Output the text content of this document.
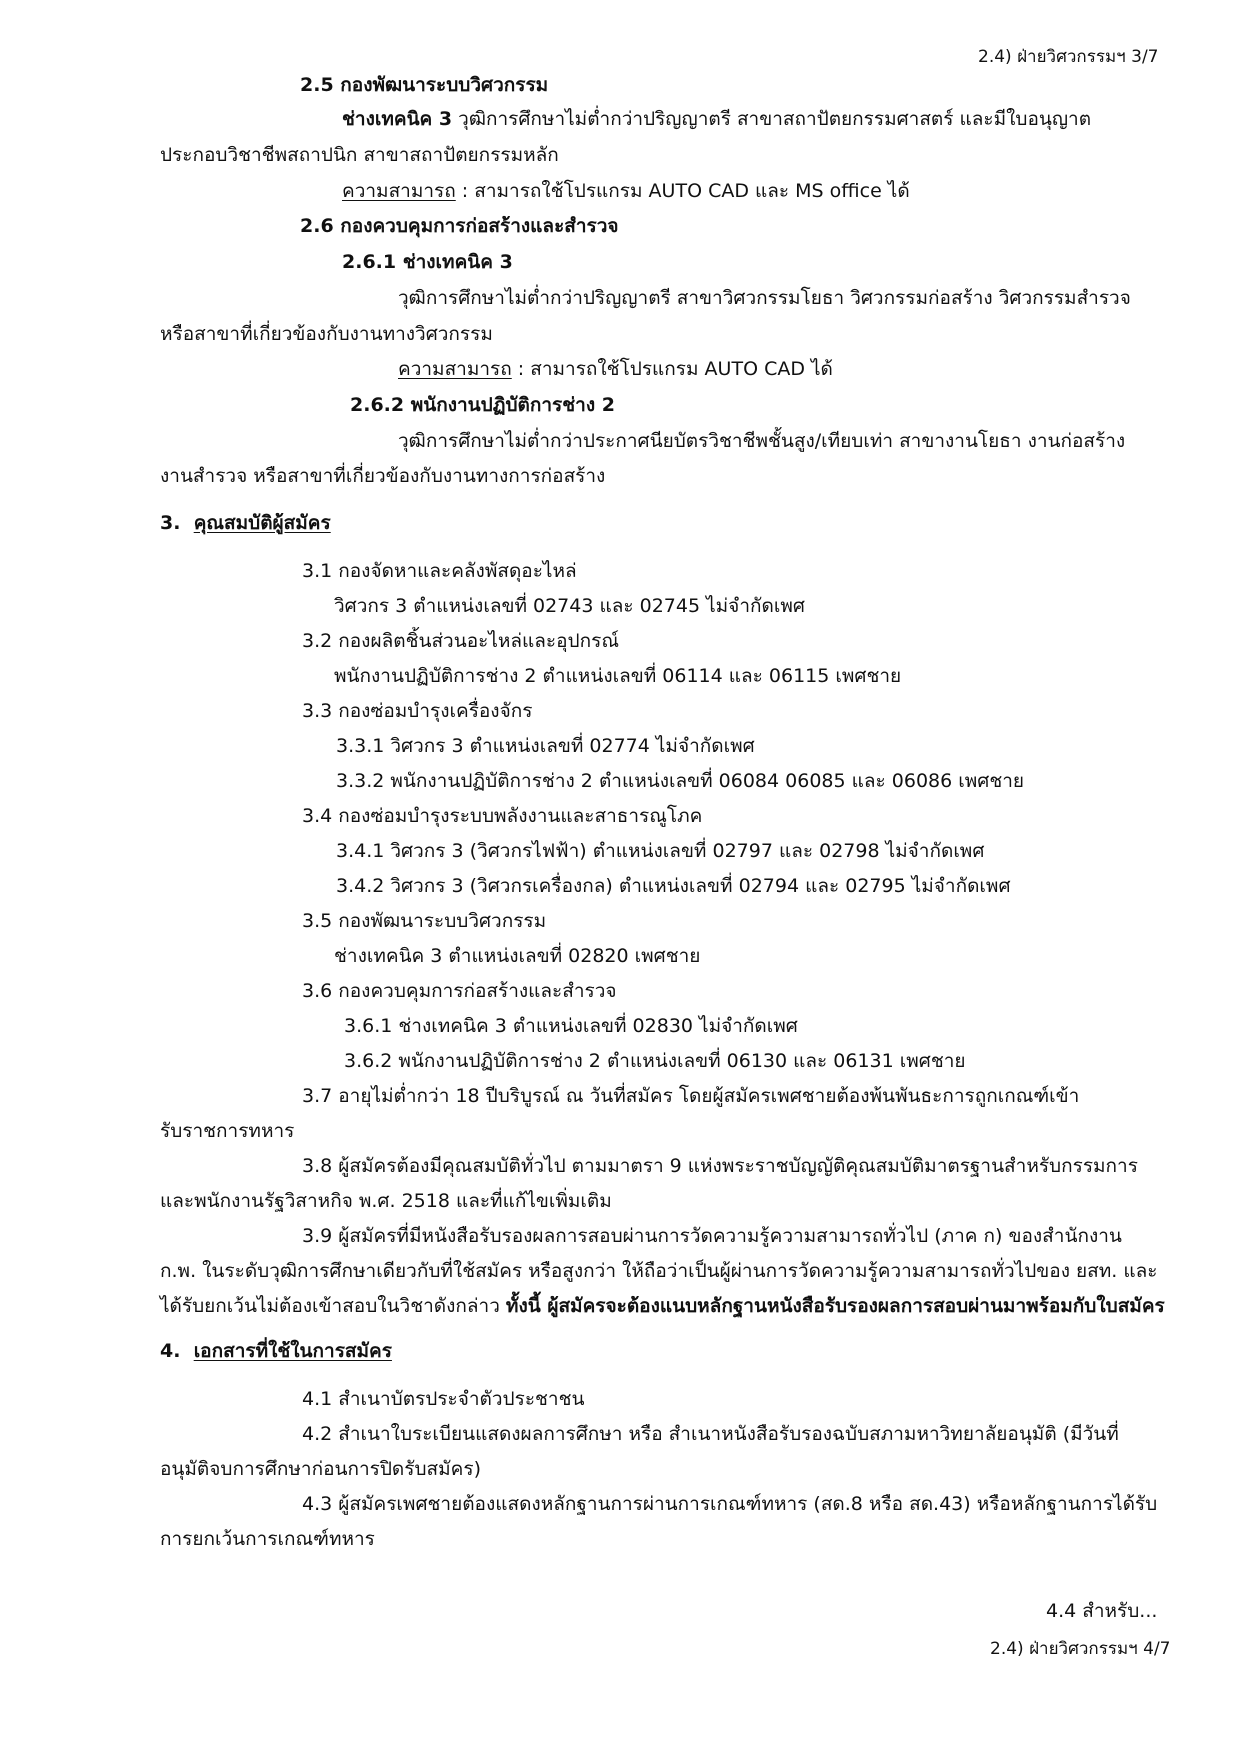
2.4) ฝ่ายวิศวกรรมฯ 3/7
2.5 กองพัฒนาระบบวิศวกรรม
ช่างเทคนิค 3 วุฒิการศึกษาไม่ต่ำกว่าปริญญาตรี สาขาสถาปัตยกรรมศาสตร์ และมีใบอนุญาต
ประกอบวิชาชีพสถาปนิก สาขาสถาปัตยกรรมหลัก
ความสามารถ : สามารถใช้โปรแกรม AUTO CAD และ MS office ได้
2.6 กองควบคุมการก่อสร้างและสำรวจ
2.6.1 ช่างเทคนิค 3
วุฒิการศึกษาไม่ต่ำกว่าปริญญาตรี สาขาวิศวกรรมโยธา วิศวกรรมก่อสร้าง วิศวกรรมสำรวจ
หรือสาขาที่เกี่ยวข้องกับงานทางวิศวกรรม
ความสามารถ : สามารถใช้โปรแกรม AUTO CAD ได้
2.6.2 พนักงานปฏิบัติการช่าง 2
วุฒิการศึกษาไม่ต่ำกว่าประกาศนียบัตรวิชาชีพชั้นสูง/เทียบเท่า สาขางานโยธา งานก่อสร้าง
งานสำรวจ หรือสาขาที่เกี่ยวข้องกับงานทางการก่อสร้าง
3. คุณสมบัติผู้สมัคร
3.1 กองจัดหาและคลังพัสดุอะไหล่
วิศวกร 3 ตำแหน่งเลขที่ 02743 และ 02745 ไม่จำกัดเพศ
3.2 กองผลิตชิ้นส่วนอะไหล่และอุปกรณ์
พนักงานปฏิบัติการช่าง 2 ตำแหน่งเลขที่ 06114 และ 06115 เพศชาย
3.3 กองซ่อมบำรุงเครื่องจักร
3.3.1 วิศวกร 3 ตำแหน่งเลขที่ 02774 ไม่จำกัดเพศ
3.3.2 พนักงานปฏิบัติการช่าง 2 ตำแหน่งเลขที่ 06084 06085 และ 06086 เพศชาย
3.4 กองซ่อมบำรุงระบบพลังงานและสาธารณูโภค
3.4.1 วิศวกร 3 (วิศวกรไฟฟ้า) ตำแหน่งเลขที่ 02797 และ 02798 ไม่จำกัดเพศ
3.4.2 วิศวกร 3 (วิศวกรเครื่องกล) ตำแหน่งเลขที่ 02794 และ 02795 ไม่จำกัดเพศ
3.5 กองพัฒนาระบบวิศวกรรม
ช่างเทคนิค 3 ตำแหน่งเลขที่ 02820 เพศชาย
3.6 กองควบคุมการก่อสร้างและสำรวจ
3.6.1 ช่างเทคนิค 3 ตำแหน่งเลขที่ 02830 ไม่จำกัดเพศ
3.6.2 พนักงานปฏิบัติการช่าง 2 ตำแหน่งเลขที่ 06130 และ 06131 เพศชาย
3.7 อายุไม่ต่ำกว่า 18 ปีบริบูรณ์ ณ วันที่สมัคร โดยผู้สมัครเพศชายต้องพ้นพันธะการถูกเกณฑ์เข้า
รับราชการทหาร
3.8 ผู้สมัครต้องมีคุณสมบัติทั่วไป ตามมาตรา 9 แห่งพระราชบัญญัติคุณสมบัติมาตรฐานสำหรับกรรมการ
และพนักงานรัฐวิสาหกิจ พ.ศ. 2518 และที่แก้ไขเพิ่มเติม
3.9 ผู้สมัครที่มีหนังสือรับรองผลการสอบผ่านการวัดความรู้ความสามารถทั่วไป (ภาค ก) ของสำนักงาน
ก.พ. ในระดับวุฒิการศึกษาเดียวกับที่ใช้สมัคร หรือสูงกว่า ให้ถือว่าเป็นผู้ผ่านการวัดความรู้ความสามารถทั่วไปของ ยสท. และ
ได้รับยกเว้นไม่ต้องเข้าสอบในวิชาดังกล่าว ทั้งนี้ ผู้สมัครจะต้องแนบหลักฐานหนังสือรับรองผลการสอบผ่านมาพร้อมกับใบสมัคร
4. เอกสารที่ใช้ในการสมัคร
4.1 สำเนาบัตรประจำตัวประชาชน
4.2 สำเนาใบระเบียนแสดงผลการศึกษา หรือ สำเนาหนังสือรับรองฉบับสภามหาวิทยาลัยอนุมัติ (มีวันที่
อนุมัติจบการศึกษาก่อนการปิดรับสมัคร)
4.3 ผู้สมัครเพศชายต้องแสดงหลักฐานการผ่านการเกณฑ์ทหาร (สด.8 หรือ สด.43) หรือหลักฐานการได้รับ
การยกเว้นการเกณฑ์ทหาร
4.4 สำหรับ...
2.4) ฝ่ายวิศวกรรมฯ 4/7
